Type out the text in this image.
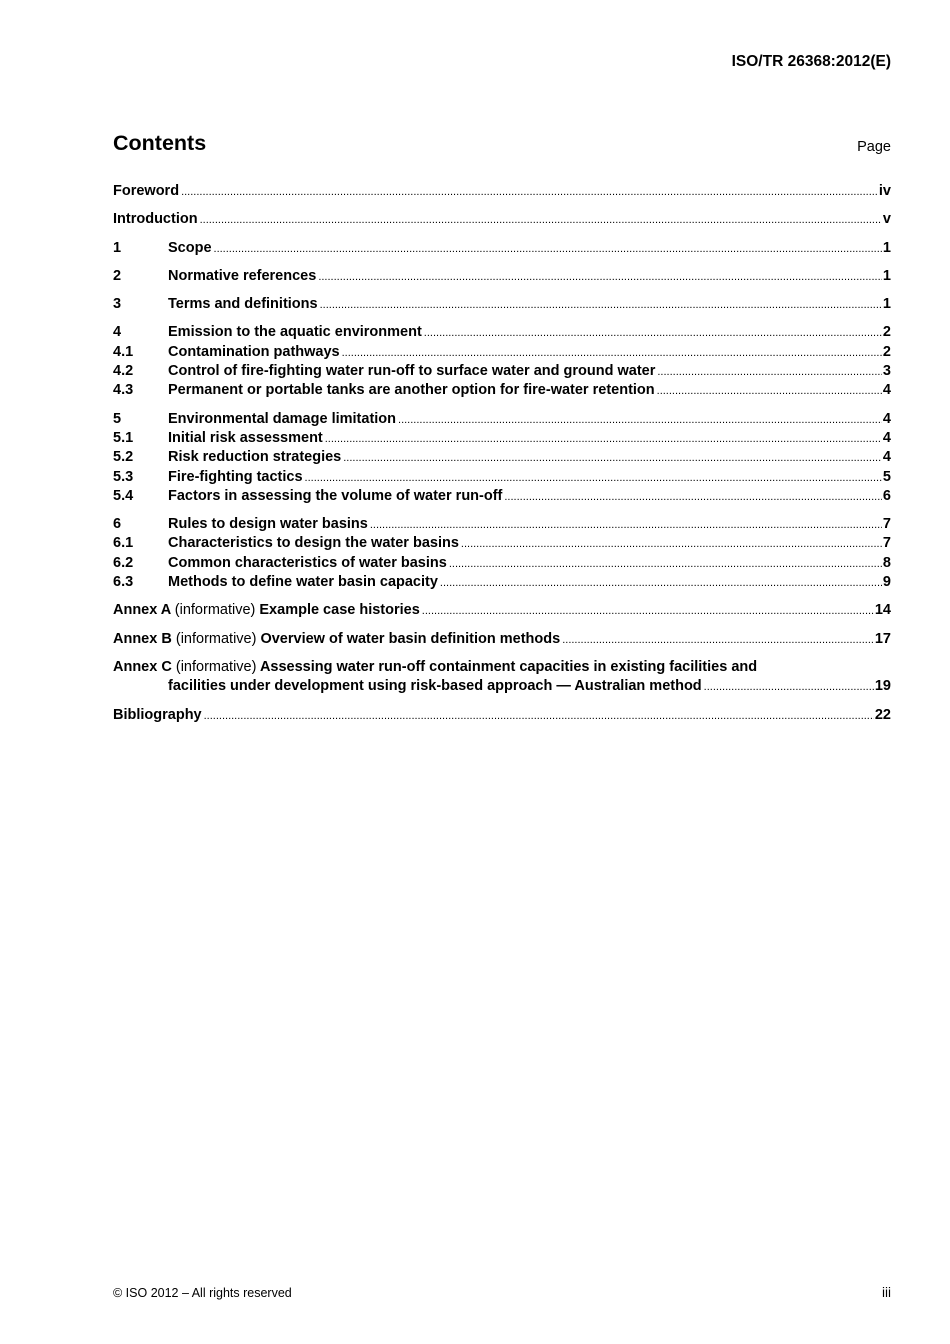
ISO/TR 26368:2012(E)
Contents	Page
Foreword .....	iv
Introduction .....	v
1	Scope .....	1
2	Normative references .....	1
3	Terms and definitions .....	1
4	Emission to the aquatic environment .....	2
4.1	Contamination pathways .....	2
4.2	Control of fire-fighting water run-off to surface water and ground water .....	3
4.3	Permanent or portable tanks are another option for fire-water retention .....	4
5	Environmental damage limitation .....	4
5.1	Initial risk assessment .....	4
5.2	Risk reduction strategies .....	4
5.3	Fire-fighting tactics .....	5
5.4	Factors in assessing the volume of water run-off .....	6
6	Rules to design water basins .....	7
6.1	Characteristics to design the water basins .....	7
6.2	Common characteristics of water basins .....	8
6.3	Methods to define water basin capacity .....	9
Annex A (informative) Example case histories .....	14
Annex B (informative) Overview of water basin definition methods .....	17
Annex C (informative) Assessing water run-off containment capacities in existing facilities and
facilities under development using risk-based approach — Australian method .....	19
Bibliography .....	22
© ISO 2012 – All rights reserved	iii
